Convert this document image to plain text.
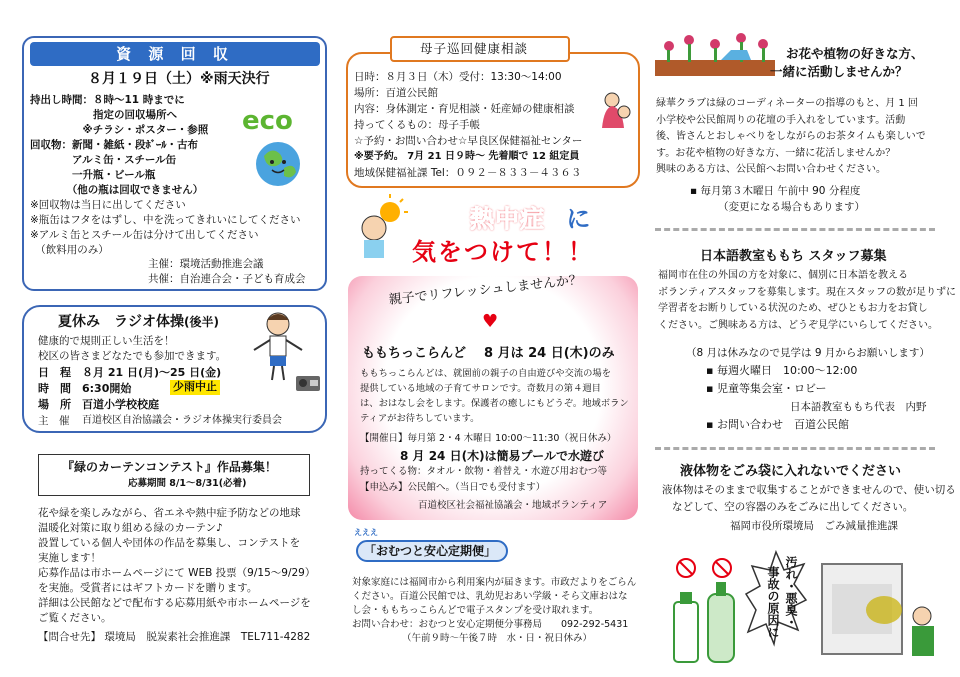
資 源 回 収
８月１９日（土）※雨天決行
持出し時間：８時～11 時までに
　　　　　　指定の回収場所へ
　　　　　※チラシ・ポスター・参照
回収物：新聞・雑紙・段ﾎﾞｰﾙ・古布
　　　　アルミ缶・スチール缶
　　　　一升瓶・ビール瓶
　　　　（他の瓶は回収できません）
※回収物は当日に出してください
※瓶缶はフタをはずし、中を洗ってきれいにしてください
※アルミ缶とスチール缶は分けて出してください
　（飲料用のみ）
主催：環境活動推進会議
共催：自治連合会・子ども育成会
eco
夏休み　ラジオ体操(後半)
健康的で規則正しい生活を！
校区の皆さまどなたでも参加できます。
日　程 ８月 21 日(月)～25 日(金)
時　間 6:30開始	少雨中止
場　所 百道小学校校庭
主　催 百道校区自治協議会・ラジオ体操実行委員会
『緑のカーテンコンテスト』作品募集！
応募期間 8/1～8/31(必着)
花や緑を楽しみながら、省エネや熱中症予防などの地球
温暖化対策に取り組める緑のカーテン♪
設置している個人や団体の作品を募集し、コンテストを
実施します！
応募作品は市ホームページにて WEB 投票（9/15～9/29）
を実施。受賞者にはギフトカードを贈ります。
詳細は公民館などで配布する応募用紙や市ホームページを
ご覧ください。
【問合せ先】 環境局　脱炭素社会推進課　TEL711-4282
母子巡回健康相談
日時：８月３日（木）受付：13:30～14:00
場所：百道公民館
内容：身体測定・育児相談・妊産婦の健康相談
持ってくるもの：母子手帳
☆予約・お問い合わせ☆早良区保健福祉センター
※要予約。 7月 21 日９時～ 先着順で 12 組定員
地域保健福祉課 Tel：０９２－８３３－４３６３
熱中症 に
気をつけて！！
親子でリフレッシュしませんか？
♥
ももちっこらんど 8 月は 24 日(木)のみ
ももちっこらんどは、就園前の親子の自由遊びや交流の場を
提供している地域の子育てサロンです。奇数月の第４週目
は、おはなし会をします。保護者の癒しにもどうぞ。地域ボランティアがお待ちしています。
【開催日】毎月第 2・4 木曜日 10:00～11:30（祝日休み）
8 月 24 日(木)は簡易プールで水遊び
持ってくる物：タオル・飲物・着替え・水遊び用おむつ等
【申込み】公民館へ。（当日でも受付ます）
百道校区社会福祉協議会・地域ボランティア
えええ
「おむつと安心定期便」
対象家庭には福岡市から利用案内が届きます。市政だよりをごらん
ください。百道公民館では、乳幼児おあい学級・そら文庫おはな
し会・ももちっこらんどで電子スタンプを受け取れます。
お問い合わせ：おむつと安心定期便分事務局　　092-292-5431
（午前９時～午後７時　水・日・祝日休み）
お花や植物の好きな方、
一緒に活動しませんか？
緑華クラブは緑のコーディネーターの指導のもと、月 1 回
小学校や公民館周りの花壇の手入れをしています。活動
後、皆さんとおしゃべりをしながらのお茶タイムも楽しいで
す。お花や植物の好きな方、一緒に花活しませんか？
興味のある方は、公民館へお問い合わせください。
▪ 毎月第３木曜日 午前中 90 分程度
（変更になる場合もあります）
日本語教室ももち スタッフ募集
福岡市在住の外国の方を対象に、個別に日本語を教える
ボランティアスタッフを募集します。現在スタッフの数が足りずに
学習者をお断りしている状況のため、ぜひともお力をお貸し
ください。ご興味ある方は、どうぞ見学にいらしてください。
（8 月は休みなので見学は 9 月からお願いします）
▪ 毎週火曜日　10:00～12:00
▪ 児童等集会室・ロビー
日本語教室ももち代表　内野
▪ お問い合わせ　百道公民館
液体物をごみ袋に入れないでください
液体物はそのままで収集することができませんので、使い切る
などして、空の容器のみをごみに出してください。
福岡市役所環境局　ごみ減量推進課
汚れ・悪臭・
事故の原因に
